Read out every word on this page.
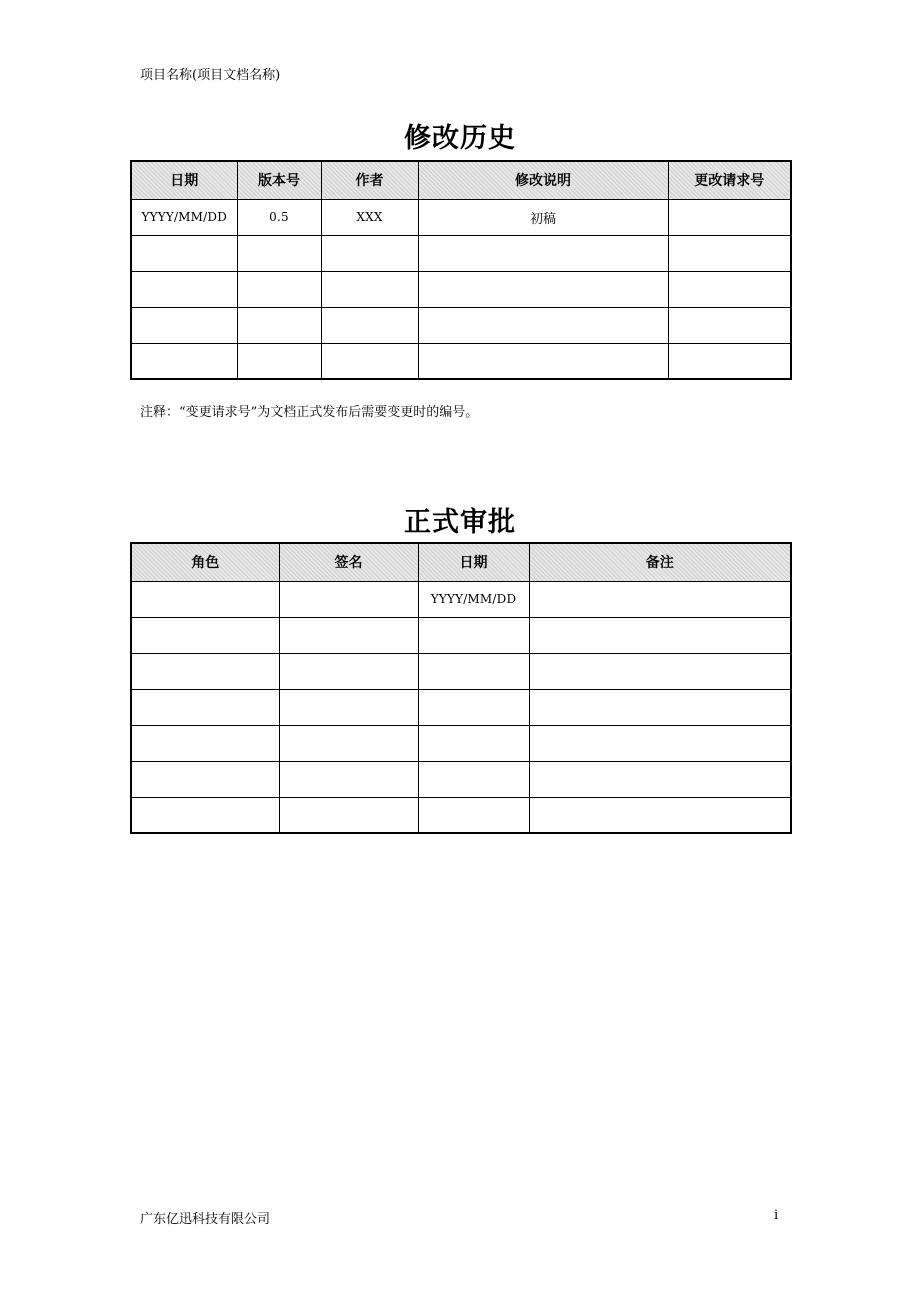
项目名称(项目文档名称)
修改历史
日期	版本号	作者	修改说明	更改请求号
YYYY/MM/DD	0.5	XXX	初稿	

注释：“变更请求号”为文档正式发布后需要变更时的编号。
正式审批
角色	签名	日期	备注
		YYYY/MM/DD	

广东亿迅科技有限公司	i
